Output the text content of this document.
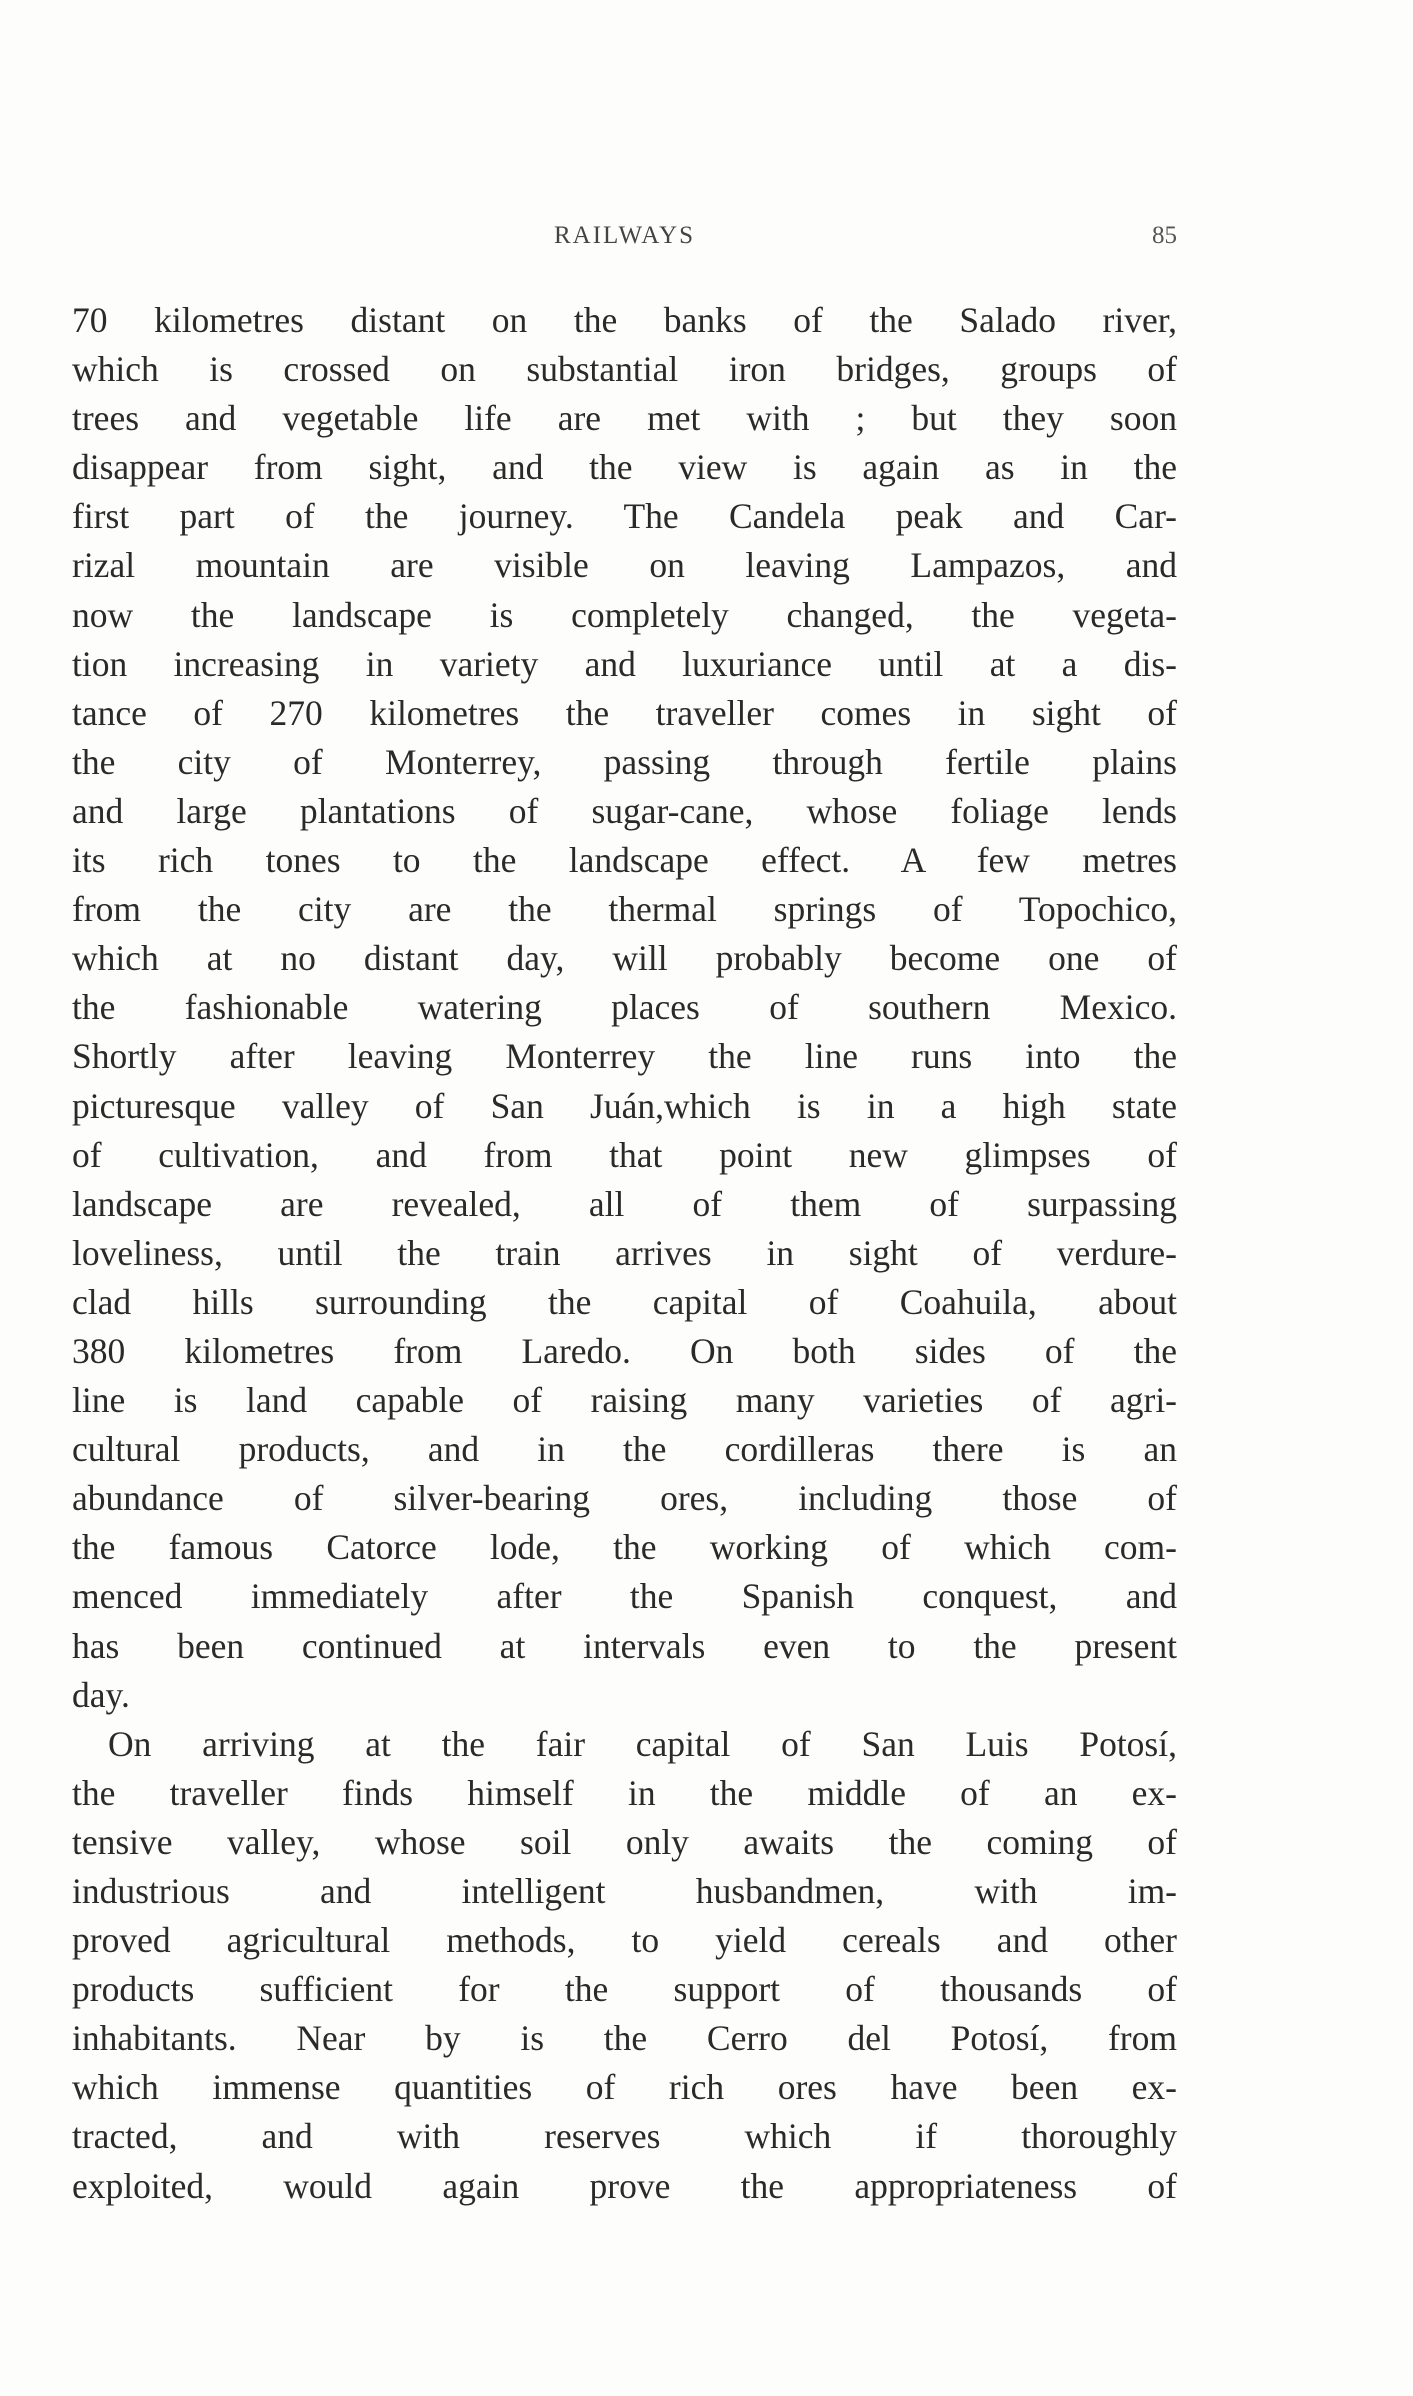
RAILWAYS	85
70 kilometres distant on the banks of the Salado river,
which is crossed on substantial iron bridges, groups of
trees and vegetable life are met with ; but they soon
disappear from sight, and the view is again as in the
first part of the journey. The Candela peak and Car-
rizal mountain are visible on leaving Lampazos, and
now the landscape is completely changed, the vegeta-
tion increasing in variety and luxuriance until at a dis-
tance of 270 kilometres the traveller comes in sight of
the city of Monterrey, passing through fertile plains
and large plantations of sugar-cane, whose foliage lends
its rich tones to the landscape effect. A few metres
from the city are the thermal springs of Topochico,
which at no distant day, will probably become one of
the fashionable watering places of southern Mexico.
Shortly after leaving Monterrey the line runs into the
picturesque valley of San Juán,which is in a high state
of cultivation, and from that point new glimpses of
landscape are revealed, all of them of surpassing
loveliness, until the train arrives in sight of verdure-
clad hills surrounding the capital of Coahuila, about
380 kilometres from Laredo. On both sides of the
line is land capable of raising many varieties of agri-
cultural products, and in the cordilleras there is an
abundance of silver-bearing ores, including those of
the famous Catorce lode, the working of which com-
menced immediately after the Spanish conquest, and
has been continued at intervals even to the present
day.
On arriving at the fair capital of San Luis Potosí,
the traveller finds himself in the middle of an ex-
tensive valley, whose soil only awaits the coming of
industrious and intelligent husbandmen, with im-
proved agricultural methods, to yield cereals and other
products sufficient for the support of thousands of
inhabitants. Near by is the Cerro del Potosí, from
which immense quantities of rich ores have been ex-
tracted, and with reserves which if thoroughly
exploited, would again prove the appropriateness of
